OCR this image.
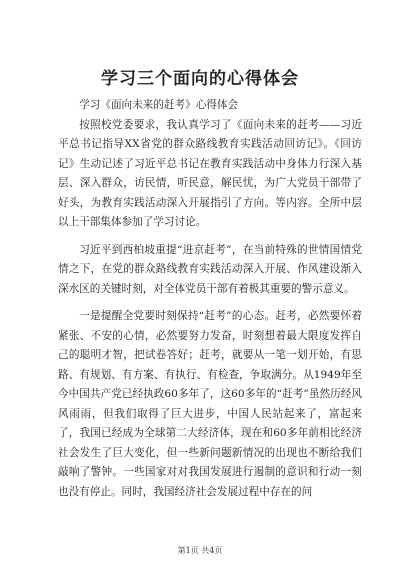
学习三个面向的心得体会

学习《面向未来的赶考》心得体会

按照校党委要求，我认真学习了《面向未来的赶考——习近平总书记指导XX省党的群众路线教育实践活动回访记》。《回访记》生动记述了习近平总书记在教育实践活动中身体力行深入基层、深入群众，访民情，听民意，解民忧，为广大党员干部带了好头，为教育实践活动深入开展指引了方向。等内容。全所中层以上干部集体参加了学习讨论。

习近平到西柏坡重提“进京赶考”，在当前特殊的世情国情党情之下，在党的群众路线教育实践活动深入开展、作风建设渐入深水区的关键时刻，对全体党员干部有着极其重要的警示意义。

一是提醒全党要时刻保持“赶考”的心态。赶考，必然要怀着紧张、不安的心情，必然要努力发奋，时刻想着最大限度发挥自己的聪明才智，把试卷答好；赶考，就要从一笔一划开始，有思路、有规划、有方案、有执行、有检查，争取满分。从1949年至今中国共产党已经执政60多年了，这60多年的“赶考”虽然历经风风雨雨，但我们取得了巨大进步，中国人民站起来了，富起来了，我国已经成为全球第二大经济体，现在和60多年前相比经济社会发生了巨大变化，但一些新问题新情况的出现也不断给我们敲响了警钟。一些国家对对我国发展进行遏制的意识和行动一刻也没有停止。同时，我国经济社会发展过程中存在的问

第1页 共4页
